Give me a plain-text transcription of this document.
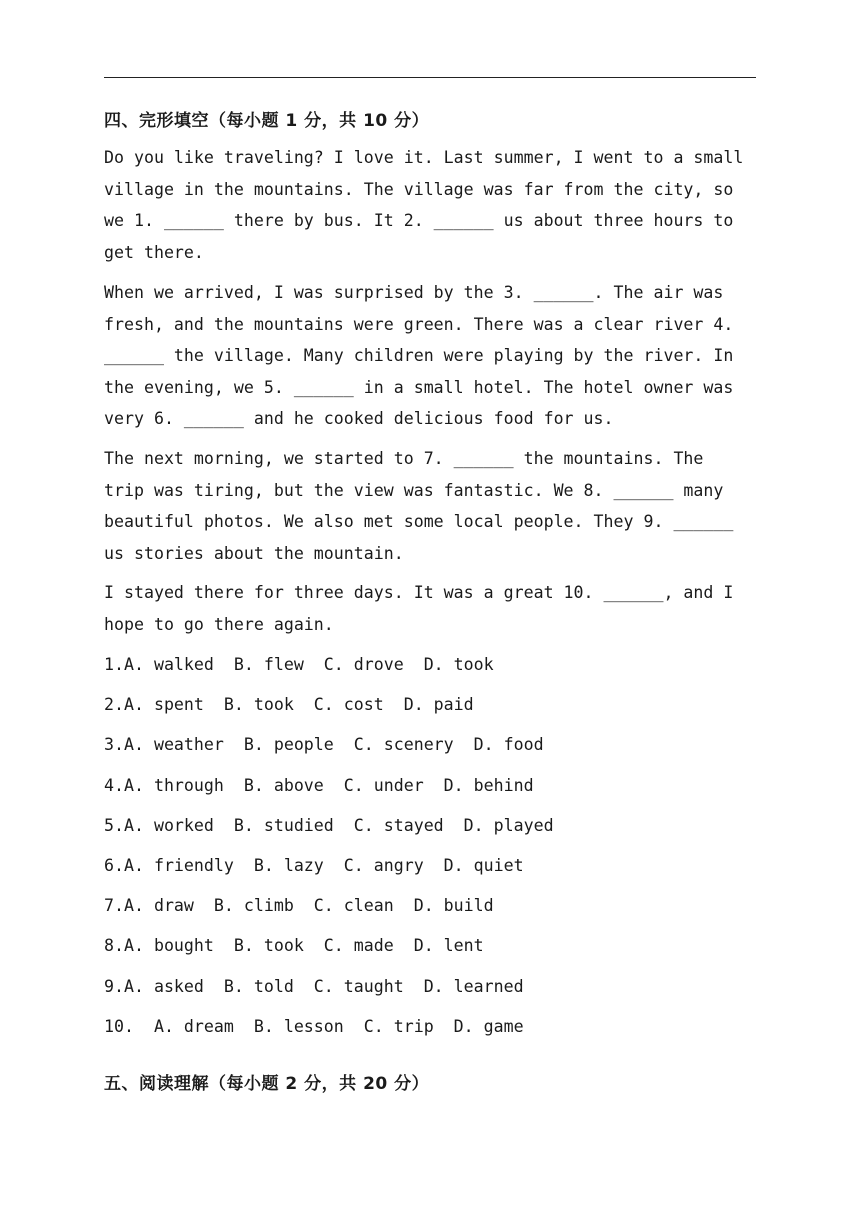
四、完形填空（每小题 1 分，共 10 分）

Do you like traveling? I love it. Last summer, I went to a small
village in the mountains. The village was far from the city, so
we 1. ______ there by bus. It 2. ______ us about three hours to
get there.

When we arrived, I was surprised by the 3. ______. The air was
fresh, and the mountains were green. There was a clear river 4.
______ the village. Many children were playing by the river. In
the evening, we 5. ______ in a small hotel. The hotel owner was
very 6. ______ and he cooked delicious food for us.

The next morning, we started to 7. ______ the mountains. The
trip was tiring, but the view was fantastic. We 8. ______ many
beautiful photos. We also met some local people. They 9. ______
us stories about the mountain.

I stayed there for three days. It was a great 10. ______, and I
hope to go there again.

1.A. walked  B. flew  C. drove  D. took
2.A. spent  B. took  C. cost  D. paid
3.A. weather  B. people  C. scenery  D. food
4.A. through  B. above  C. under  D. behind
5.A. worked  B. studied  C. stayed  D. played
6.A. friendly  B. lazy  C. angry  D. quiet
7.A. draw  B. climb  C. clean  D. build
8.A. bought  B. took  C. made  D. lent
9.A. asked  B. told  C. taught  D. learned
10.  A. dream  B. lesson  C. trip  D. game
五、阅读理解（每小题 2 分，共 20 分）
